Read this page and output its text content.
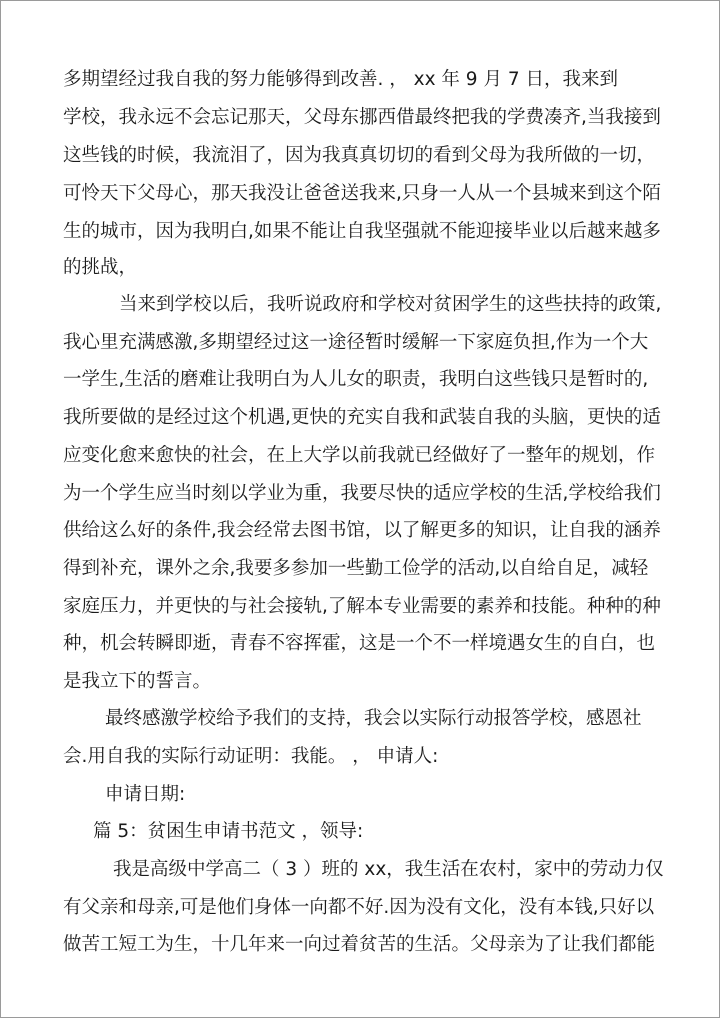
多期望经过我自我的努力能够得到改善. ， xx 年 9 月 7 日，我来到
学校，我永远不会忘记那天，父母东挪西借最终把我的学费凑齐,当我接到
这些钱的时候，我流泪了，因为我真真切切的看到父母为我所做的一切，
可怜天下父母心，那天我没让爸爸送我来,只身一人从一个县城来到这个陌
生的城市，因为我明白,如果不能让自我坚强就不能迎接毕业以后越来越多
的挑战，
当来到学校以后，我听说政府和学校对贫困学生的这些扶持的政策,
我心里充满感激,多期望经过这一途径暂时缓解一下家庭负担,作为一个大
一学生,生活的磨难让我明白为人儿女的职责，我明白这些钱只是暂时的,
我所要做的是经过这个机遇,更快的充实自我和武装自我的头脑，更快的适
应变化愈来愈快的社会，在上大学以前我就已经做好了一整年的规划，作
为一个学生应当时刻以学业为重，我要尽快的适应学校的生活,学校给我们
供给这么好的条件,我会经常去图书馆，以了解更多的知识，让自我的涵养
得到补充，课外之余,我要多参加一些勤工俭学的活动,以自给自足，减轻
家庭压力，并更快的与社会接轨,了解本专业需要的素养和技能。种种的种
种，机会转瞬即逝，青春不容挥霍，这是一个不一样境遇女生的自白，也
是我立下的誓言。
最终感激学校给予我们的支持，我会以实际行动报答学校，感恩社
会.用自我的实际行动证明：我能。 ， 申请人:
申请日期:
篇 5：贫困生申请书范文 ，领导:
我是高级中学高二（ 3 ）班的 xx，我生活在农村，家中的劳动力仅
有父亲和母亲,可是他们身体一向都不好.因为没有文化，没有本钱,只好以
做苦工短工为生，十几年来一向过着贫苦的生活。父母亲为了让我们都能
